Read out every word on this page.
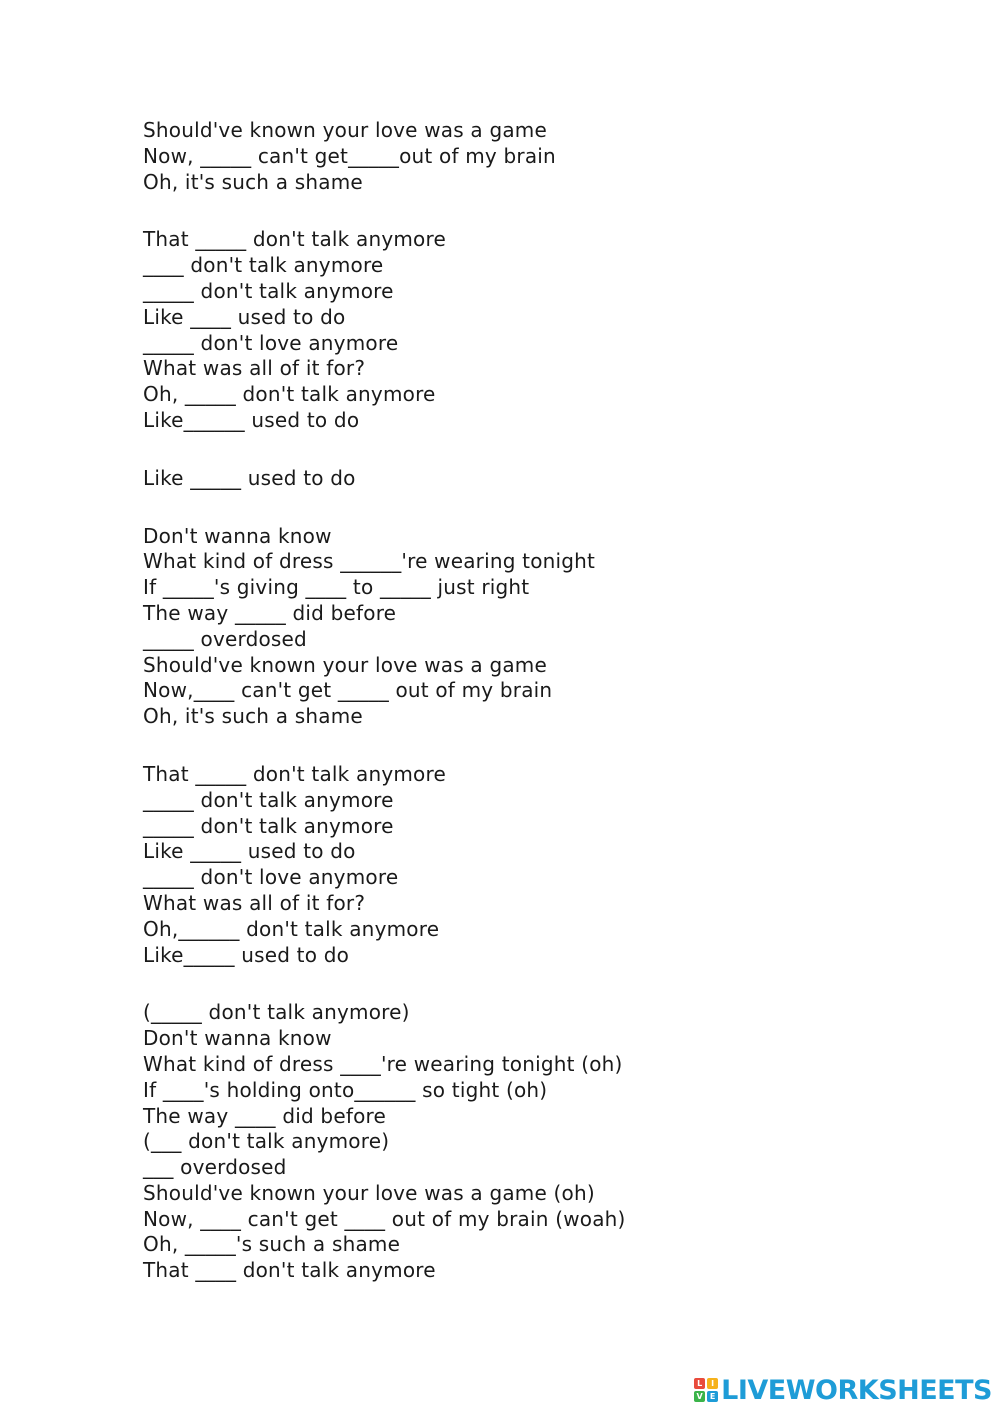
Should've known your love was a game
Now, _____ can't get_____out of my brain
Oh, it's such a shame
That _____ don't talk anymore
____ don't talk anymore
_____ don't talk anymore
Like ____ used to do
_____ don't love anymore
What was all of it for?
Oh, _____ don't talk anymore
Like______ used to do
Like _____ used to do
Don't wanna know
What kind of dress ______'re wearing tonight
If _____'s giving ____ to _____ just right
The way _____ did before
_____ overdosed
Should've known your love was a game
Now,____ can't get _____ out of my brain
Oh, it's such a shame
That _____ don't talk anymore
_____ don't talk anymore
_____ don't talk anymore
Like _____ used to do
_____ don't love anymore
What was all of it for?
Oh,______ don't talk anymore
Like_____ used to do
(_____ don't talk anymore)
Don't wanna know
What kind of dress ____'re wearing tonight (oh)
If ____'s holding onto______ so tight (oh)
The way ____ did before
(___ don't talk anymore)
___ overdosed
Should've known your love was a game (oh)
Now, ____ can't get ____ out of my brain (woah)
Oh, _____'s such a shame
That ____ don't talk anymore
L	I
V E LIVEWORKSHEETS
